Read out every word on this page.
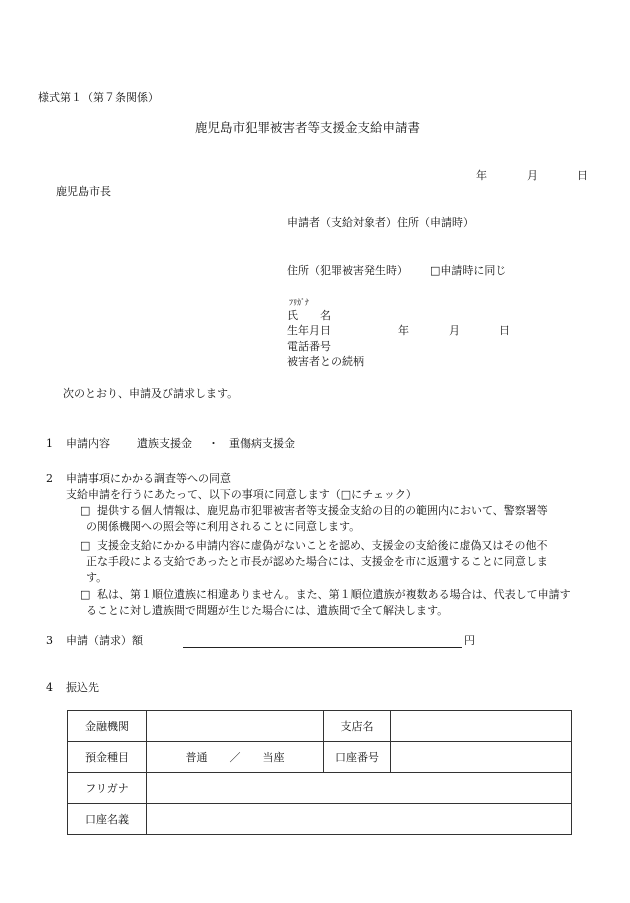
様式第１（第７条関係）
鹿児島市犯罪被害者等支援金支給申請書
年	月	日
鹿児島市長
申請者（支給対象者）住所（申請時）
住所（犯罪被害発生時） □申請時に同じ
ﾌﾘｶﾞﾅ
氏　　名
生年月日	年	月	日
電話番号
被害者との続柄
次のとおり、申請及び請求します。
1 申請内容 遺族支援金 ・ 重傷病支援金
2 申請事項にかかる調査等への同意
支給申請を行うにあたって、以下の事項に同意します（□にチェック）
□ 提供する個人情報は、鹿児島市犯罪被害者等支援金支給の目的の範囲内において、警察署等
の関係機関への照会等に利用されることに同意します。
□ 支援金支給にかかる申請内容に虚偽がないことを認め、支援金の支給後に虚偽又はその他不
正な手段による支給であったと市長が認めた場合には、支援金を市に返還することに同意しま
す。
□ 私は、第１順位遺族に相違ありません。また、第１順位遺族が複数ある場合は、代表して申請す
ることに対し遺族間で問題が生じた場合には、遺族間で全て解決します。
3 申請（請求）額	円
4 振込先
金融機関		支店名	
預金種目	普通　　／　　当座	口座番号	
フリガナ			
口座名義			
